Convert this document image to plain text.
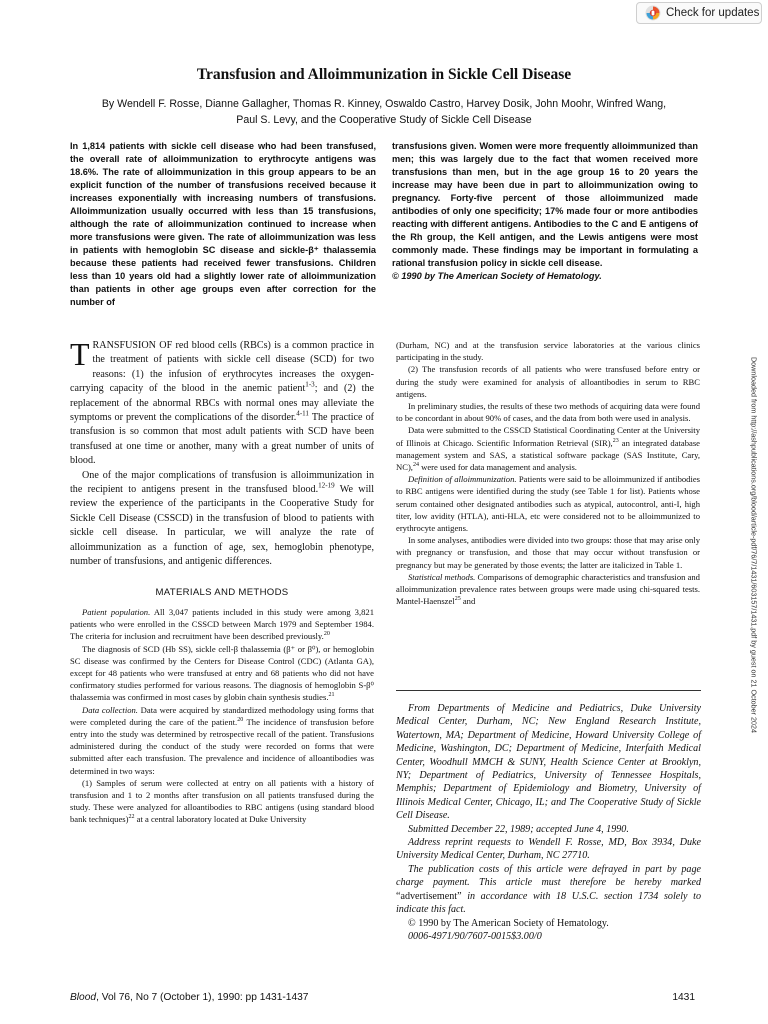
Check for updates
Transfusion and Alloimmunization in Sickle Cell Disease
By Wendell F. Rosse, Dianne Gallagher, Thomas R. Kinney, Oswaldo Castro, Harvey Dosik, John Moohr, Winfred Wang,
Paul S. Levy, and the Cooperative Study of Sickle Cell Disease

In 1,814 patients with sickle cell disease who had been transfused, the overall rate of alloimmunization to erythrocyte antigens was 18.6%. The rate of alloimmunization in this group appears to be an explicit function of the number of transfusions received because it increases exponentially with increasing numbers of transfusions. Alloimmunization usually occurred with less than 15 transfusions, although the rate of alloimmunization continued to increase when more transfusions were given. The rate of alloimmunization was less in patients with hemoglobin SC disease and sickle-β⁺ thalassemia because these patients had received fewer transfusions. Children less than 10 years old had a slightly lower rate of alloimmunization than patients in other age groups even after correction for the number of

transfusions given. Women were more frequently alloimmunized than men; this was largely due to the fact that women received more transfusions than men, but in the age group 16 to 20 years the increase may have been due in part to alloimmunization owing to pregnancy. Forty-five percent of those alloimmunized made antibodies of only one specificity; 17% made four or more antibodies reacting with different antigens. Antibodies to the C and E antigens of the Rh group, the Kell antigen, and the Lewis antigens were most commonly made. These findings may be important in formulating a rational transfusion policy in sickle cell disease.
© 1990 by The American Society of Hematology.

TRANSFUSION OF red blood cells (RBCs) is a common practice in the treatment of patients with sickle cell disease (SCD) for two reasons: (1) the infusion of erythrocytes increases the oxygen-carrying capacity of the blood in the anemic patient$^{1-3}$; and (2) the replacement of the abnormal RBCs with normal ones may alleviate the symptoms or prevent the complications of the disorder.$^{4-11}$ The practice of transfusion is so common that most adult patients with SCD have been transfused at one time or another, many with a great number of units of blood.

One of the major complications of transfusion is alloimmunization in the recipient to antigens present in the transfused blood.$^{12-19}$ We will review the experience of the participants in the Cooperative Study for Sickle Cell Disease (CSSCD) in the transfusion of blood to patients with sickle cell disease. In particular, we will analyze the rate of alloimmunization as a function of age, sex, hemoglobin phenotype, number of transfusions, and antigenic differences.

MATERIALS AND METHODS

Patient population. All 3,047 patients included in this study were among 3,821 patients who were enrolled in the CSSCD between March 1979 and September 1984. The criteria for inclusion and recruitment have been described previously.$^{20}$

The diagnosis of SCD (Hb SS), sickle cell-β thalassemia (β⁺ or β⁰), or hemoglobin SC disease was confirmed by the Centers for Disease Control (CDC) (Atlanta GA), except for 48 patients who were transfused at entry and 68 patients who did not have confirmatory studies performed for various reasons. The diagnosis of hemoglobin S-β⁰ thalassemia was confirmed in most cases by globin chain synthesis studies.$^{21}$

Data collection. Data were acquired by standardized methodology using forms that were completed during the care of the patient.$^{20}$ The incidence of transfusion before entry into the study was determined by retrospective recall of the patient. Transfusions administered during the conduct of the study were recorded on forms that were submitted after each transfusion. The prevalence and incidence of alloantibodies was determined in two ways:

(1) Samples of serum were collected at entry on all patients with a history of transfusion and 1 to 2 months after transfusion on all patients transfused during the study. These were analyzed for alloantibodies to RBC antigens (using standard blood bank techniques)$^{22}$ at a central laboratory located at Duke University

(Durham, NC) and at the transfusion service laboratories at the various clinics participating in the study.

(2) The transfusion records of all patients who were transfused before entry or during the study were examined for analysis of alloantibodies in serum to RBC antigens.

In preliminary studies, the results of these two methods of acquiring data were found to be concordant in about 90% of cases, and the data from both were used in analysis.

Data were submitted to the CSSCD Statistical Coordinating Center at the University of Illinois at Chicago. Scientific Information Retrieval (SIR),$^{23}$ an integrated database management system and SAS, a statistical software package (SAS Institute, Cary, NC),$^{24}$ were used for data management and analysis.

Definition of alloimmunization. Patients were said to be alloimmunized if antibodies to RBC antigens were identified during the study (see Table 1 for list). Patients whose serum contained other designated antibodies such as atypical, autocontrol, anti-I, high titer, low avidity (HTLA), anti-HLA, etc were considered not to be alloimmunized to erythrocyte antigens.

In some analyses, antibodies were divided into two groups: those that may arise only with pregnancy or transfusion, and those that may occur without transfusion or pregnancy but may be generated by those events; the latter are italicized in Table 1.

Statistical methods. Comparisons of demographic characteristics and transfusion and alloimmunization prevalence rates between groups were made using chi-squared tests. Mantel-Haenszel$^{25}$ and

From Departments of Medicine and Pediatrics, Duke University Medical Center, Durham, NC; New England Research Institute, Watertown, MA; Department of Medicine, Howard University College of Medicine, Washington, DC; Department of Medicine, Interfaith Medical Center, Woodhull MMCH & SUNY, Health Science Center at Brooklyn, NY; Department of Pediatrics, University of Tennessee Hospitals, Memphis; Department of Epidemiology and Biometry, University of Illinois Medical Center, Chicago, IL; and The Cooperative Study of Sickle Cell Disease.

Submitted December 22, 1989; accepted June 4, 1990.

Address reprint requests to Wendell F. Rosse, MD, Box 3934, Duke University Medical Center, Durham, NC 27710.

The publication costs of this article were defrayed in part by page charge payment. This article must therefore be hereby marked “advertisement” in accordance with 18 U.S.C. section 1734 solely to indicate this fact.

© 1990 by The American Society of Hematology.

0006-4971/90/7607-0015$3.00/0

Blood, Vol 76, No 7 (October 1), 1990: pp 1431-1437	1431
Downloaded from http://ashpublications.org/blood/article-pdf/76/7/1431/603157/1431.pdf by guest on 21 October 2024
